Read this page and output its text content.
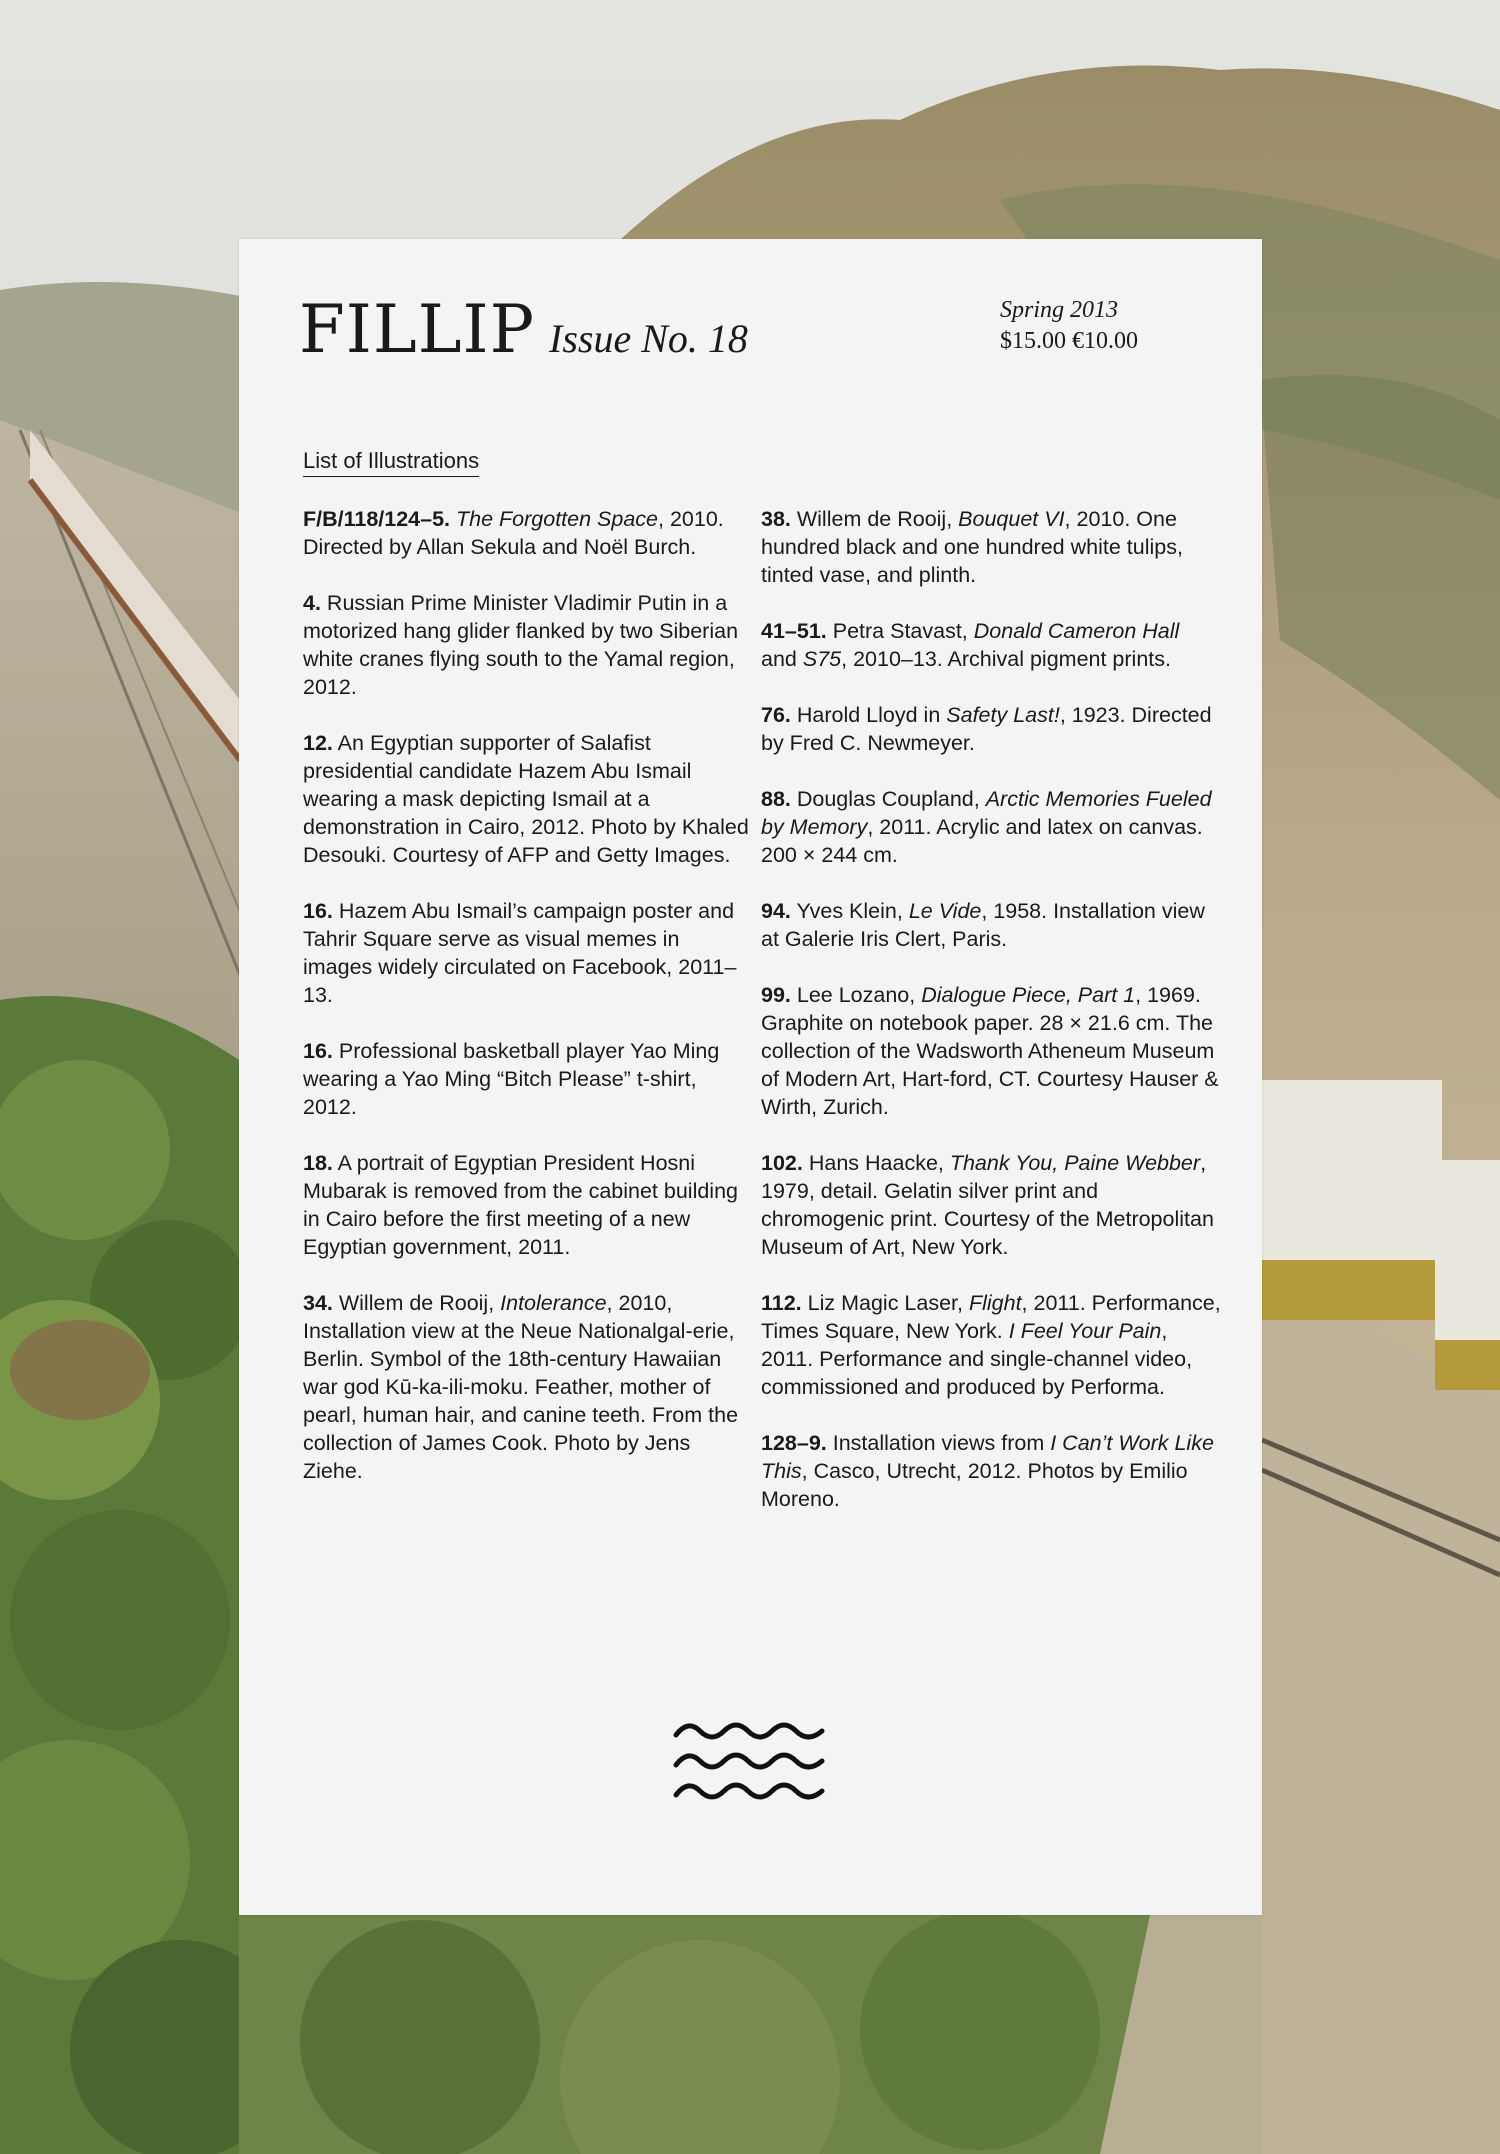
FILLIP Issue No. 18
Spring 2013
$15.00 €10.00
List of Illustrations

F/B/118/124–5. The Forgotten Space, 2010. Directed by Allan Sekula and Noël Burch.

4. Russian Prime Minister Vladimir Putin in a motorized hang glider flanked by two Siberian white cranes flying south to the Yamal region, 2012.

12. An Egyptian supporter of Salafist presidential candidate Hazem Abu Ismail wearing a mask depicting Ismail at a demonstration in Cairo, 2012. Photo by Khaled Desouki. Courtesy of AFP and Getty Images.

16. Hazem Abu Ismail’s campaign poster and Tahrir Square serve as visual memes in images widely circulated on Facebook, 2011–13.

16. Professional basketball player Yao Ming wearing a Yao Ming “Bitch Please” t-shirt, 2012.

18. A portrait of Egyptian President Hosni Mubarak is removed from the cabinet building in Cairo before the first meeting of a new Egyptian government, 2011.

34. Willem de Rooij, Intolerance, 2010, Installation view at the Neue Nationalgal-erie, Berlin. Symbol of the 18th-century Hawaiian war god Kū-ka-ili-moku. Feather, mother of pearl, human hair, and canine teeth. From the collection of James Cook. Photo by Jens Ziehe.

38. Willem de Rooij, Bouquet VI, 2010. One hundred black and one hundred white tulips, tinted vase, and plinth.

41–51. Petra Stavast, Donald Cameron Hall and S75, 2010–13. Archival pigment prints.

76. Harold Lloyd in Safety Last!, 1923. Directed by Fred C. Newmeyer.

88. Douglas Coupland, Arctic Memories Fueled by Memory, 2011. Acrylic and latex on canvas. 200 × 244 cm.

94. Yves Klein, Le Vide, 1958. Installation view at Galerie Iris Clert, Paris.

99. Lee Lozano, Dialogue Piece, Part 1, 1969. Graphite on notebook paper. 28 × 21.6 cm. The collection of the Wadsworth Atheneum Museum of Modern Art, Hart-ford, CT. Courtesy Hauser & Wirth, Zurich.

102. Hans Haacke, Thank You, Paine Webber, 1979, detail. Gelatin silver print and chromogenic print. Courtesy of the Metropolitan Museum of Art, New York.

112. Liz Magic Laser, Flight, 2011. Performance, Times Square, New York. I Feel Your Pain, 2011. Performance and single-channel video, commissioned and produced by Performa.

128–9. Installation views from I Can’t Work Like This, Casco, Utrecht, 2012. Photos by Emilio Moreno.
